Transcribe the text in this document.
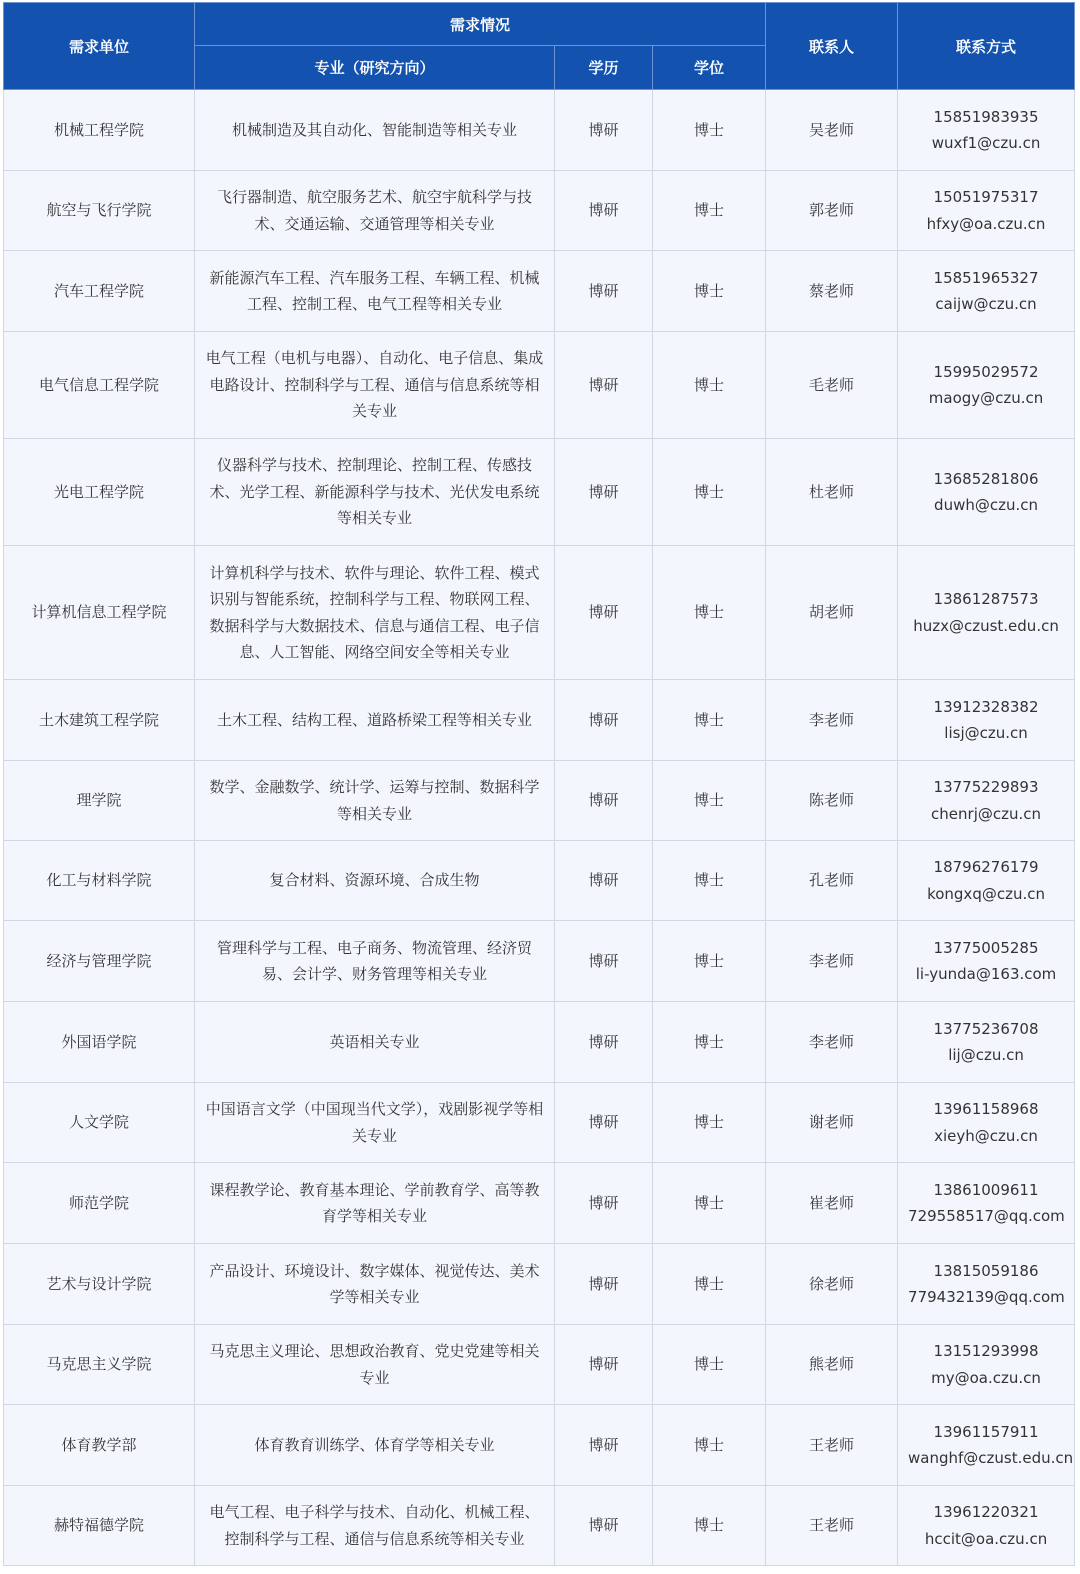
需求单位	需求情况			联系人	联系方式
	专业（研究方向）	学历	学位		
机械工程学院	机械制造及其自动化、智能制造等相关专业	博研	博士	吴老师	15851983935
wuxf1@czu.cn

航空与飞行学院	飞行器制造、航空服务艺术、航空宇航科学与技术、交通运输、交通管理等相关专业	博研	博士	郭老师	15051975317
hfxy@oa.czu.cn

汽车工程学院	新能源汽车工程、汽车服务工程、车辆工程、机械工程、控制工程、电气工程等相关专业	博研	博士	蔡老师	15851965327
caijw@czu.cn

电气信息工程学院	电气工程（电机与电器）、自动化、电子信息、集成电路设计、控制科学与工程、通信与信息系统等相关专业	博研	博士	毛老师	15995029572
maogy@czu.cn

光电工程学院	仪器科学与技术、控制理论、控制工程、传感技术、光学工程、新能源科学与技术、光伏发电系统等相关专业	博研	博士	杜老师	13685281806
duwh@czu.cn

计算机信息工程学院	计算机科学与技术、软件与理论、软件工程、模式识别与智能系统，控制科学与工程、物联网工程、数据科学与大数据技术、信息与通信工程、电子信息、人工智能、网络空间安全等相关专业	博研	博士	胡老师	13861287573
huzx@czust.edu.cn

土木建筑工程学院	土木工程、结构工程、道路桥梁工程等相关专业	博研	博士	李老师	13912328382
lisj@czu.cn

理学院	数学、金融数学、统计学、运筹与控制、数据科学等相关专业	博研	博士	陈老师	13775229893
chenrj@czu.cn

化工与材料学院	复合材料、资源环境、合成生物	博研	博士	孔老师	18796276179
kongxq@czu.cn

经济与管理学院	管理科学与工程、电子商务、物流管理、经济贸易、会计学、财务管理等相关专业	博研	博士	李老师	13775005285
li-yunda@163.com

外国语学院	英语相关专业	博研	博士	李老师	13775236708
lij@czu.cn

人文学院	中国语言文学（中国现当代文学），戏剧影视学等相关专业	博研	博士	谢老师	13961158968
xieyh@czu.cn

师范学院	课程教学论、教育基本理论、学前教育学、高等教育学等相关专业	博研	博士	崔老师	13861009611
729558517@qq.com

艺术与设计学院	产品设计、环境设计、数字媒体、视觉传达、美术学等相关专业	博研	博士	徐老师	13815059186
779432139@qq.com

马克思主义学院	马克思主义理论、思想政治教育、党史党建等相关专业	博研	博士	熊老师	13151293998
my@oa.czu.cn

体育教学部	体育教育训练学、体育学等相关专业	博研	博士	王老师	13961157911
wanghf@czust.edu.cn

赫特福德学院	电气工程、电子科学与技术、自动化、机械工程、控制科学与工程、通信与信息系统等相关专业	博研	博士	王老师	13961220321
hccit@oa.czu.cn
